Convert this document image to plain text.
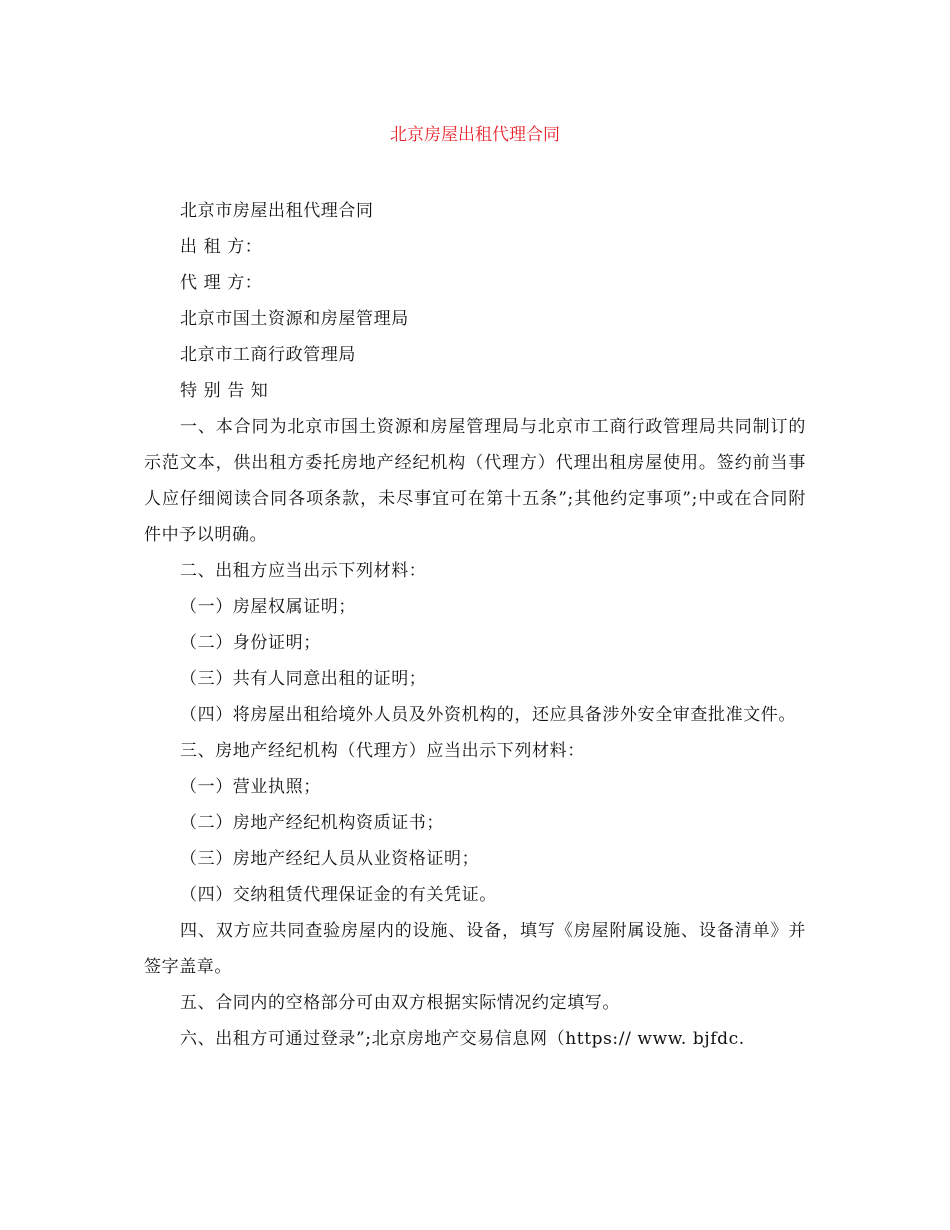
北京房屋出租代理合同

北京市房屋出租代理合同

出 租 方：

代 理 方：

北京市国土资源和房屋管理局

北京市工商行政管理局

特 别 告 知

一、本合同为北京市国土资源和房屋管理局与北京市工商行政管理局共同制订的示范文本，供出租方委托房地产经纪机构（代理方）代理出租房屋使用。签约前当事人应仔细阅读合同各项条款，未尽事宜可在第十五条”;其他约定事项”;中或在合同附件中予以明确。

二、出租方应当出示下列材料：

（一）房屋权属证明；

（二）身份证明；

（三）共有人同意出租的证明；

（四）将房屋出租给境外人员及外资机构的，还应具备涉外安全审查批准文件。

三、房地产经纪机构（代理方）应当出示下列材料：

（一）营业执照；

（二）房地产经纪机构资质证书；

（三）房地产经纪人员从业资格证明；

（四）交纳租赁代理保证金的有关凭证。

四、双方应共同查验房屋内的设施、设备，填写《房屋附属设施、设备清单》并签字盖章。

五、合同内的空格部分可由双方根据实际情况约定填写。

六、出租方可通过登录”;北京房地产交易信息网（https:// www. bjfdc.
